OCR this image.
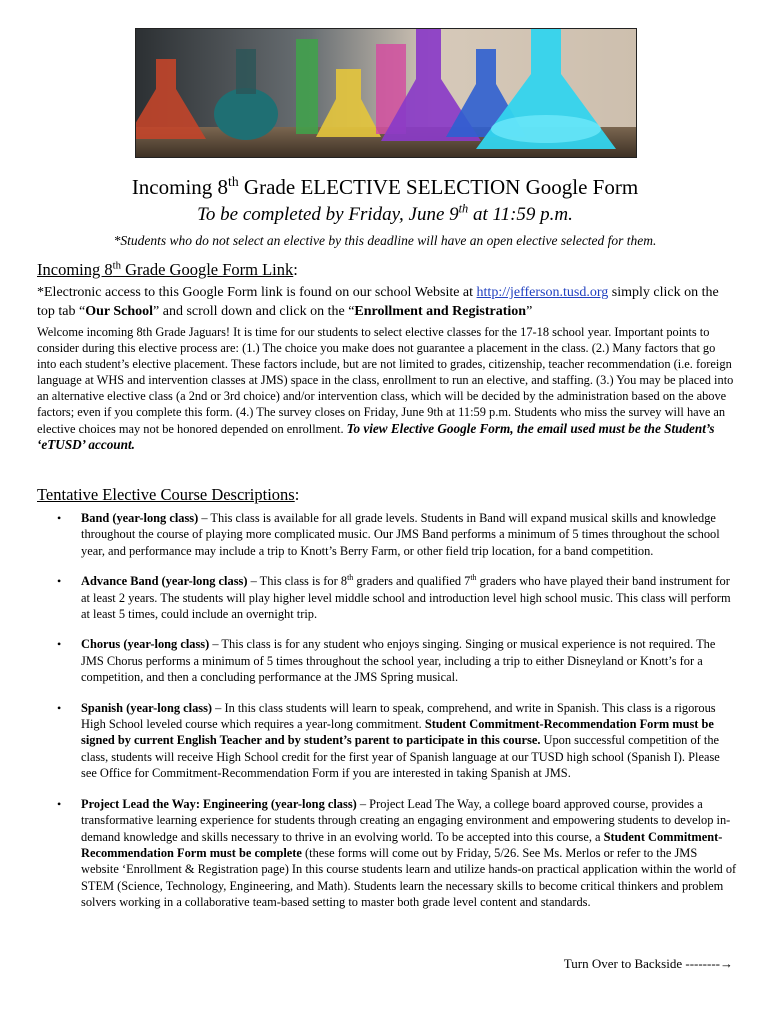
Incoming 8th Grade ELECTIVE SELECTION Google Form

To be completed by Friday, June 9th at 11:59 p.m.

*Students who do not select an elective by this deadline will have an open elective selected for them.

Incoming 8th Grade Google Form Link:

*Electronic access to this Google Form link is found on our school Website at http://jefferson.tusd.org simply click on the top tab “Our School” and scroll down and click on the “Enrollment and Registration”

Welcome incoming 8th Grade Jaguars! It is time for our students to select elective classes for the 17-18 school year. Important points to consider during this elective process are: (1.) The choice you make does not guarantee a placement in the class. (2.) Many factors that go into each student’s elective placement. These factors include, but are not limited to grades, citizenship, teacher recommendation (i.e. foreign language at WHS and intervention classes at JMS) space in the class, enrollment to run an elective, and staffing. (3.) You may be placed into an alternative elective class (a 2nd or 3rd choice) and/or intervention class, which will be decided by the administration based on the above factors; even if you complete this form. (4.) The survey closes on Friday, June 9th at 11:59 p.m. Students who miss the survey will have an elective choices may not be honored depended on enrollment. To view Elective Google Form, the email used must be the Student’s ‘eTUSD’ account.

Tentative Elective Course Descriptions:

• Band (year-long class) – This class is available for all grade levels. Students in Band will expand musical skills and knowledge throughout the course of playing more complicated music. Our JMS Band performs a minimum of 5 times throughout the school year, and performance may include a trip to Knott’s Berry Farm, or other field trip location, for a band competition.
• Advance Band (year-long class) – This class is for 8th graders and qualified 7th graders who have played their band instrument for at least 2 years. The students will play higher level middle school and introduction level high school music. This class will perform at least 5 times, could include an overnight trip.
• Chorus (year-long class) – This class is for any student who enjoys singing. Singing or musical experience is not required. The JMS Chorus performs a minimum of 5 times throughout the school year, including a trip to either Disneyland or Knott’s for a competition, and then a concluding performance at the JMS Spring musical.
• Spanish (year-long class) – In this class students will learn to speak, comprehend, and write in Spanish. This class is a rigorous High School leveled course which requires a year-long commitment. Student Commitment-Recommendation Form must be signed by current English Teacher and by student’s parent to participate in this course. Upon successful competition of the class, students will receive High School credit for the first year of Spanish language at our TUSD high school (Spanish I). Please see Office for Commitment-Recommendation Form if you are interested in taking Spanish at JMS.
• Project Lead the Way: Engineering (year-long class) – Project Lead The Way, a college board approved course, provides a transformative learning experience for students through creating an engaging environment and empowering students to develop in-demand knowledge and skills necessary to thrive in an evolving world. To be accepted into this course, a Student Commitment-Recommendation Form must be complete (these forms will come out by Friday, 5/26. See Ms. Merlos or refer to the JMS website ‘Enrollment & Registration page) In this course students learn and utilize hands-on practical application within the world of STEM (Science, Technology, Engineering, and Math). Students learn the necessary skills to become critical thinkers and problem solvers working in a collaborative team-based setting to master both grade level content and standards.
Turn Over to Backside --------→
